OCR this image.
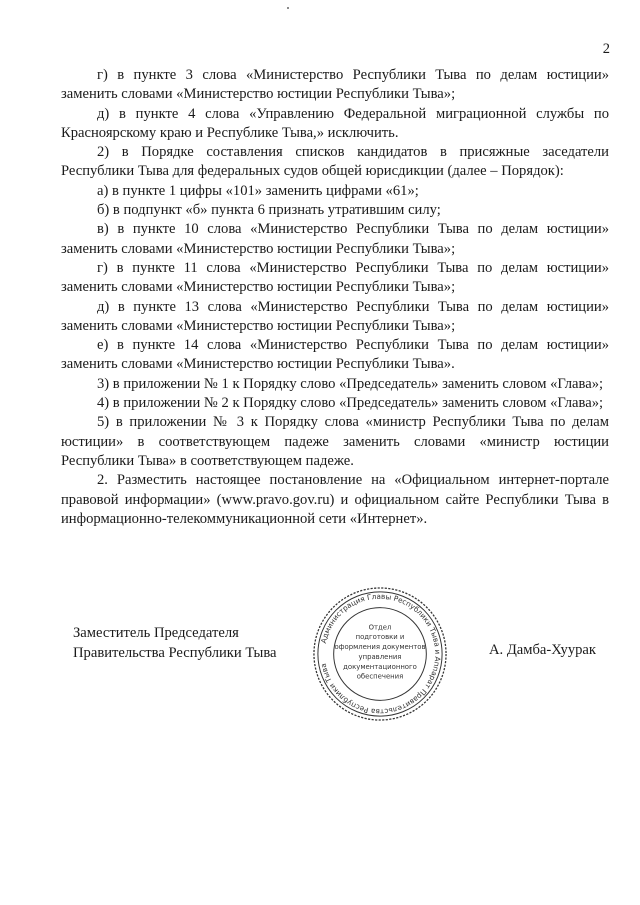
2

г) в пункте 3 слова «Министерство Республики Тыва по делам юстиции» заменить словами «Министерство юстиции Республики Тыва»;

д) в пункте 4 слова «Управлению Федеральной миграционной службы по Красноярскому краю и Республике Тыва,» исключить.

2) в Порядке составления списков кандидатов в присяжные заседатели Республики Тыва для федеральных судов общей юрисдикции (далее – Порядок):

а) в пункте 1 цифры «101» заменить цифрами «61»;

б) в подпункт «б» пункта 6 признать утратившим силу;

в) в пункте 10 слова «Министерство Республики Тыва по делам юстиции» заменить словами «Министерство юстиции Республики Тыва»;

г) в пункте 11 слова «Министерство Республики Тыва по делам юстиции» заменить словами «Министерство юстиции Республики Тыва»;

д) в пункте 13 слова «Министерство Республики Тыва по делам юстиции» заменить словами «Министерство юстиции Республики Тыва»;

е) в пункте 14 слова «Министерство Республики Тыва по делам юстиции» заменить словами «Министерство юстиции Республики Тыва».

3) в приложении № 1 к Порядку слово «Председатель» заменить словом «Глава»;

4) в приложении № 2 к Порядку слово «Председатель» заменить словом «Глава»;

5) в приложении № 3 к Порядку слова «министр Республики Тыва по делам юстиции» в соответствующем падеже заменить словами «министр юстиции Республики Тыва» в соответствующем падеже.

2. Разместить настоящее постановление на «Официальном интернет-портале правовой информации» (www.pravo.gov.ru) и официальном сайте Республики Тыва в информационно-телекоммуникационной сети «Интернет».

Заместитель Председателя
Правительства Республики Тыва
Администрация Главы Республики Тыва и Аппарат Правительства Республики Тыва
Отдел
подготовки и
оформления документов
управления
документационного
обеспечения
А. Дамба-Хуурак
